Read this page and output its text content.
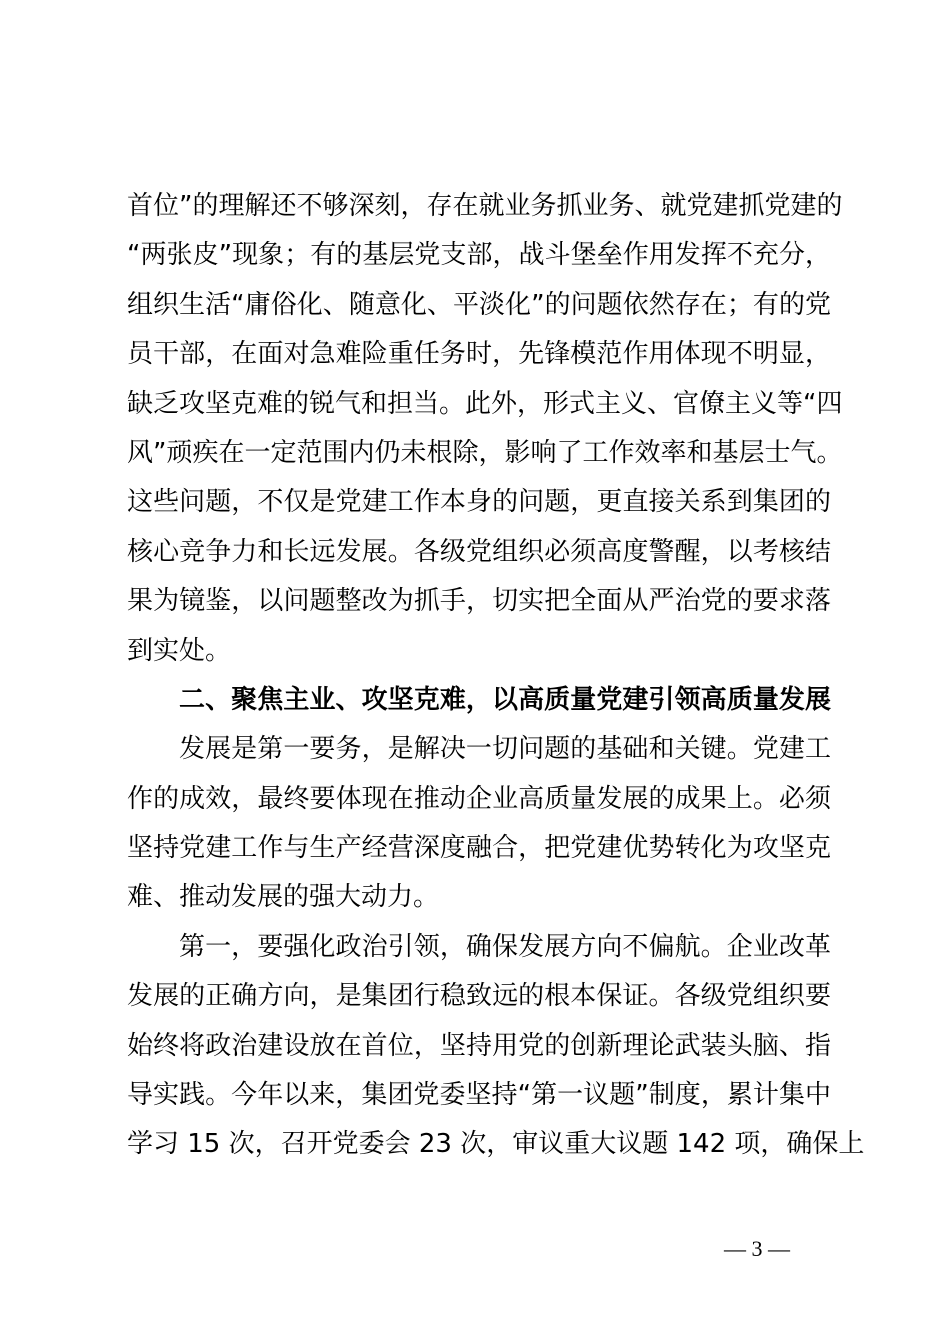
首位”的理解还不够深刻，存在就业务抓业务、就党建抓党建的
“两张皮”现象；有的基层党支部，战斗堡垒作用发挥不充分，
组织生活“庸俗化、随意化、平淡化”的问题依然存在；有的党
员干部，在面对急难险重任务时，先锋模范作用体现不明显，
缺乏攻坚克难的锐气和担当。此外，形式主义、官僚主义等“四
风”顽疾在一定范围内仍未根除，影响了工作效率和基层士气。
这些问题，不仅是党建工作本身的问题，更直接关系到集团的
核心竞争力和长远发展。各级党组织必须高度警醒，以考核结
果为镜鉴，以问题整改为抓手，切实把全面从严治党的要求落
到实处。
二、聚焦主业、攻坚克难，以高质量党建引领高质量发展
发展是第一要务，是解决一切问题的基础和关键。党建工
作的成效，最终要体现在推动企业高质量发展的成果上。必须
坚持党建工作与生产经营深度融合，把党建优势转化为攻坚克
难、推动发展的强大动力。
第一，要强化政治引领，确保发展方向不偏航。企业改革
发展的正确方向，是集团行稳致远的根本保证。各级党组织要
始终将政治建设放在首位，坚持用党的创新理论武装头脑、指
导实践。今年以来，集团党委坚持“第一议题”制度，累计集中
学习 15 次，召开党委会 23 次，审议重大议题 142 项，确保上
— 3 —
